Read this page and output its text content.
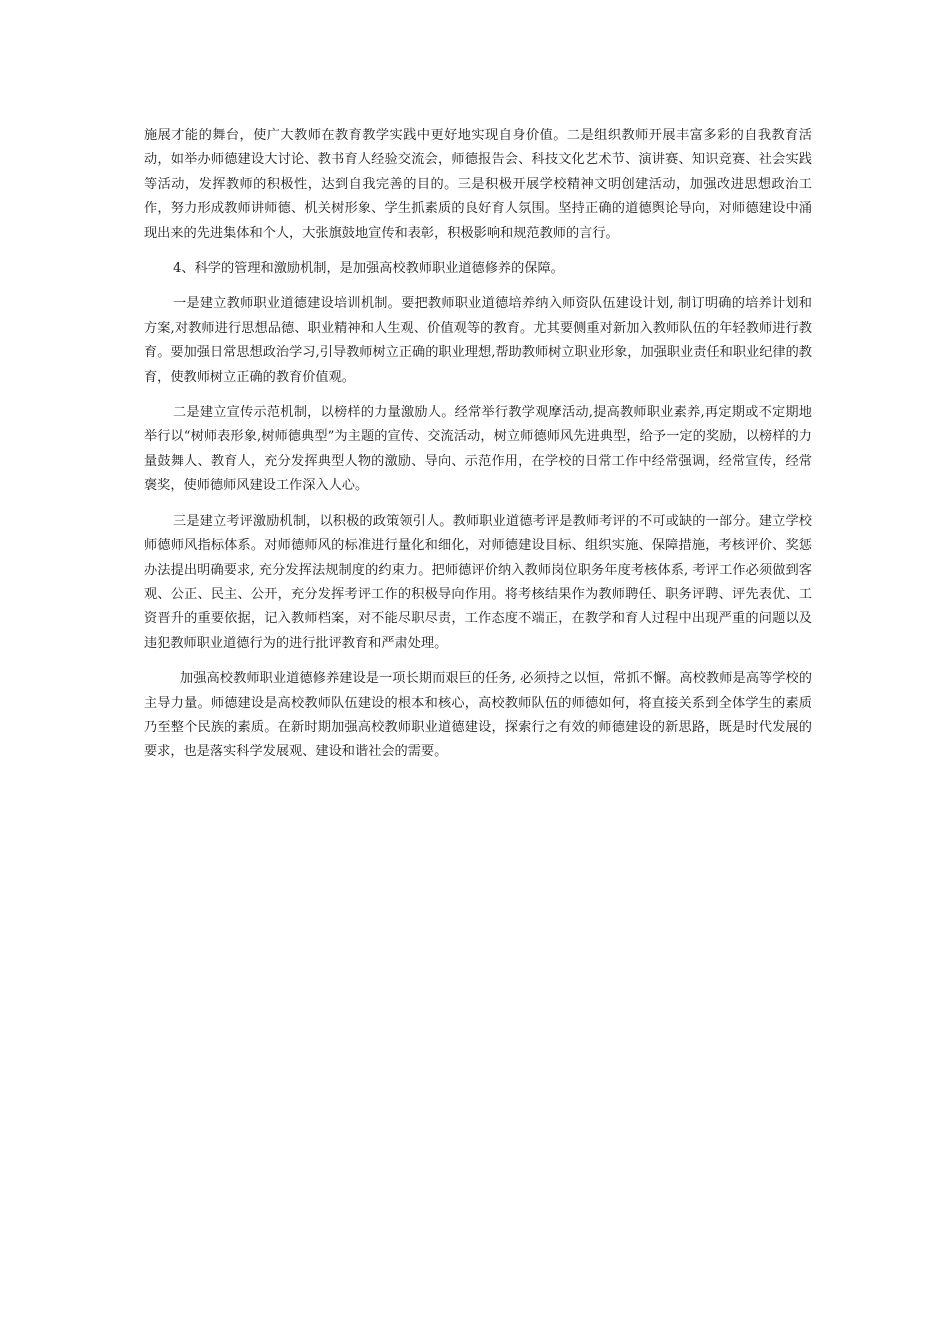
施展才能的舞台，使广大教师在教育教学实践中更好地实现自身价值。二是组织教师开展丰富多彩的自我教育活动，如举办师德建设大讨论、教书育人经验交流会，师德报告会、科技文化艺术节、演讲赛、知识竞赛、社会实践等活动，发挥教师的积极性，达到自我完善的目的。三是积极开展学校精神文明创建活动，加强改进思想政治工作，努力形成教师讲师德、机关树形象、学生抓素质的良好育人氛围。坚持正确的道德舆论导向，对师德建设中涌现出来的先进集体和个人，大张旗鼓地宣传和表彰，积极影响和规范教师的言行。

4、科学的管理和激励机制，是加强高校教师职业道德修养的保障。

一是建立教师职业道德建设培训机制。要把教师职业道德培养纳入师资队伍建设计划, 制订明确的培养计划和方案,对教师进行思想品德、职业精神和人生观、价值观等的教育。尤其要侧重对新加入教师队伍的年轻教师进行教育。要加强日常思想政治学习,引导教师树立正确的职业理想,帮助教师树立职业形象，加强职业责任和职业纪律的教育，使教师树立正确的教育价值观。

二是建立宣传示范机制，以榜样的力量激励人。经常举行教学观摩活动,提高教师职业素养,再定期或不定期地举行以“树师表形象,树师德典型”为主题的宣传、交流活动，树立师德师风先进典型，给予一定的奖励，以榜样的力量鼓舞人、教育人，充分发挥典型人物的激励、导向、示范作用，在学校的日常工作中经常强调，经常宣传，经常褒奖，使师德师风建设工作深入人心。

三是建立考评激励机制，以积极的政策领引人。教师职业道德考评是教师考评的不可或缺的一部分。建立学校师德师风指标体系。对师德师风的标准进行量化和细化，对师德建设目标、组织实施、保障措施，考核评价、奖惩办法提出明确要求, 充分发挥法规制度的约束力。把师德评价纳入教师岗位职务年度考核体系, 考评工作必须做到客观、公正、民主、公开，充分发挥考评工作的积极导向作用。将考核结果作为教师聘任、职务评聘、评先表优、工资晋升的重要依据，记入教师档案，对不能尽职尽责，工作态度不端正，在教学和育人过程中出现严重的问题以及违犯教师职业道德行为的进行批评教育和严肃处理。

加强高校教师职业道德修养建设是一项长期而艰巨的任务, 必须持之以恒，常抓不懈。高校教师是高等学校的主导力量。师德建设是高校教师队伍建设的根本和核心，高校教师队伍的师德如何，将直接关系到全体学生的素质乃至整个民族的素质。在新时期加强高校教师职业道德建设，探索行之有效的师德建设的新思路，既是时代发展的要求，也是落实科学发展观、建设和谐社会的需要。
